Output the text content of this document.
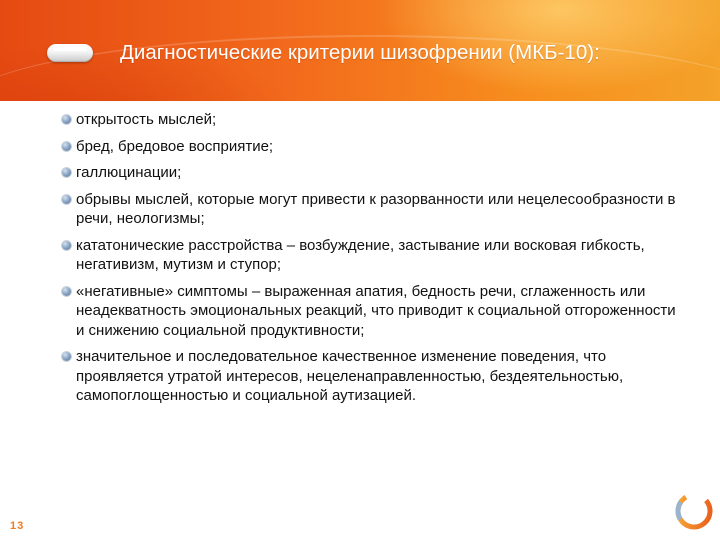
Диагностические критерии шизофрении (МКБ-10):
открытость мыслей;
бред, бредовое восприятие;
галлюцинации;
обрывы мыслей, которые могут привести к разорванности или нецелесообразности в речи, неологизмы;
кататонические расстройства – возбуждение, застывание или восковая гибкость, негативизм, мутизм и ступор;
«негативные» симптомы – выраженная апатия, бедность речи, сглаженность или неадекватность эмоциональных реакций, что приводит к социальной отгороженности и снижению социальной продуктивности;
значительное и последовательное качественное изменение поведения, что проявляется утратой интересов, нецеленаправленностью, бездеятельностью, самопоглощенностью и социальной аутизацией.
13
